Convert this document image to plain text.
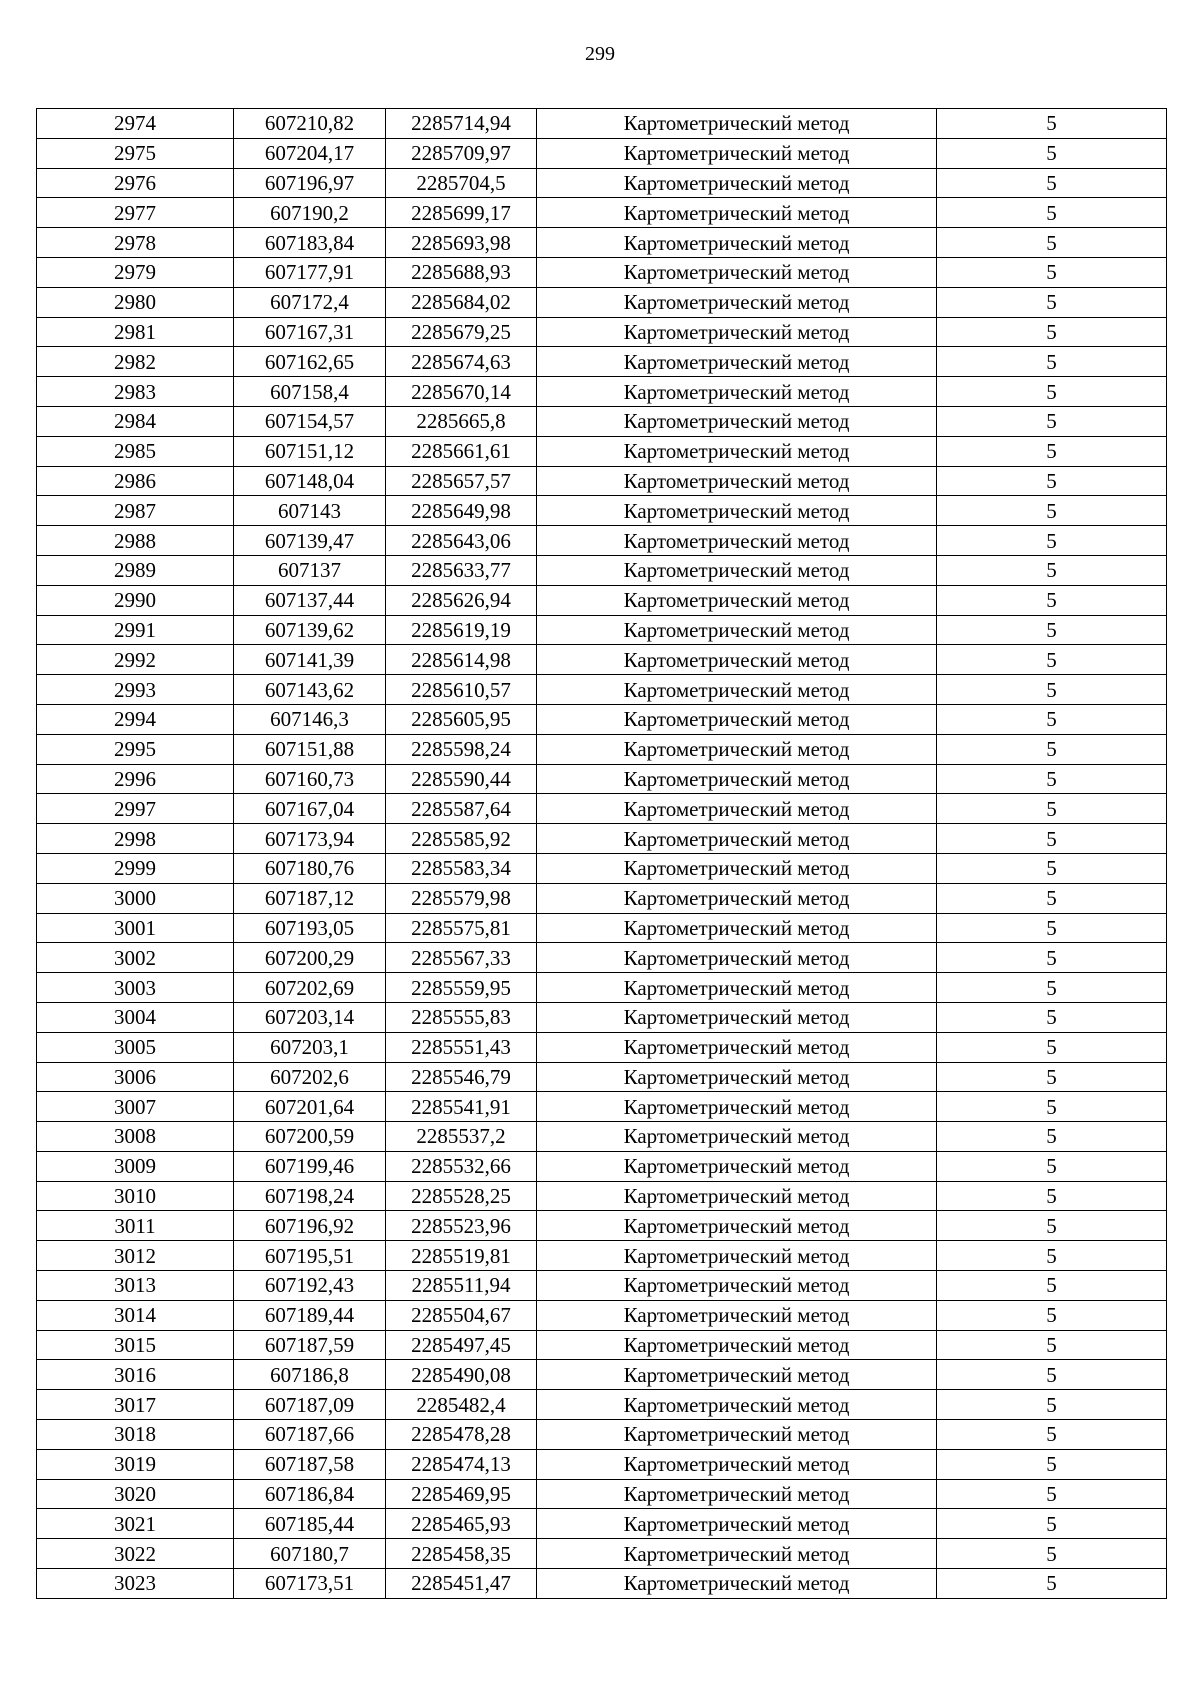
299
2974	607210,82	2285714,94	Картометрический метод	5
2975	607204,17	2285709,97	Картометрический метод	5
2976	607196,97	2285704,5	Картометрический метод	5
2977	607190,2	2285699,17	Картометрический метод	5
2978	607183,84	2285693,98	Картометрический метод	5
2979	607177,91	2285688,93	Картометрический метод	5
2980	607172,4	2285684,02	Картометрический метод	5
2981	607167,31	2285679,25	Картометрический метод	5
2982	607162,65	2285674,63	Картометрический метод	5
2983	607158,4	2285670,14	Картометрический метод	5
2984	607154,57	2285665,8	Картометрический метод	5
2985	607151,12	2285661,61	Картометрический метод	5
2986	607148,04	2285657,57	Картометрический метод	5
2987	607143	2285649,98	Картометрический метод	5
2988	607139,47	2285643,06	Картометрический метод	5
2989	607137	2285633,77	Картометрический метод	5
2990	607137,44	2285626,94	Картометрический метод	5
2991	607139,62	2285619,19	Картометрический метод	5
2992	607141,39	2285614,98	Картометрический метод	5
2993	607143,62	2285610,57	Картометрический метод	5
2994	607146,3	2285605,95	Картометрический метод	5
2995	607151,88	2285598,24	Картометрический метод	5
2996	607160,73	2285590,44	Картометрический метод	5
2997	607167,04	2285587,64	Картометрический метод	5
2998	607173,94	2285585,92	Картометрический метод	5
2999	607180,76	2285583,34	Картометрический метод	5
3000	607187,12	2285579,98	Картометрический метод	5
3001	607193,05	2285575,81	Картометрический метод	5
3002	607200,29	2285567,33	Картометрический метод	5
3003	607202,69	2285559,95	Картометрический метод	5
3004	607203,14	2285555,83	Картометрический метод	5
3005	607203,1	2285551,43	Картометрический метод	5
3006	607202,6	2285546,79	Картометрический метод	5
3007	607201,64	2285541,91	Картометрический метод	5
3008	607200,59	2285537,2	Картометрический метод	5
3009	607199,46	2285532,66	Картометрический метод	5
3010	607198,24	2285528,25	Картометрический метод	5
3011	607196,92	2285523,96	Картометрический метод	5
3012	607195,51	2285519,81	Картометрический метод	5
3013	607192,43	2285511,94	Картометрический метод	5
3014	607189,44	2285504,67	Картометрический метод	5
3015	607187,59	2285497,45	Картометрический метод	5
3016	607186,8	2285490,08	Картометрический метод	5
3017	607187,09	2285482,4	Картометрический метод	5
3018	607187,66	2285478,28	Картометрический метод	5
3019	607187,58	2285474,13	Картометрический метод	5
3020	607186,84	2285469,95	Картометрический метод	5
3021	607185,44	2285465,93	Картометрический метод	5
3022	607180,7	2285458,35	Картометрический метод	5
3023	607173,51	2285451,47	Картометрический метод	5
